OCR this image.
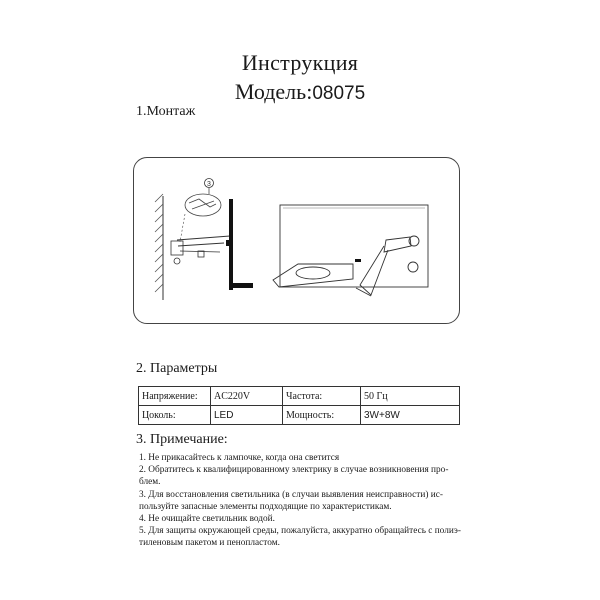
Инструкция
Модель:08075
1.Монтаж
3
2. Параметры
Напряжение:	AC220V	Частота:	50 Гц
Цоколь:	LED	Мощность:	3W+8W
3. Примечание:
1. Не прикасайтесь к лампочке, когда она светится
2. Обратитесь к квалифицированному электрику в случае возникновения про-
блем.
3. Для восстановления светильника (в случаи выявления неисправности) ис-
пользуйте запасные элементы подходящие по характеристикам.
4. Не очищайте светильник водой.
5. Для защиты окружающей среды, пожалуйста, аккуратно обращайтесь с полиэ-
тиленовым пакетом и пенопластом.
